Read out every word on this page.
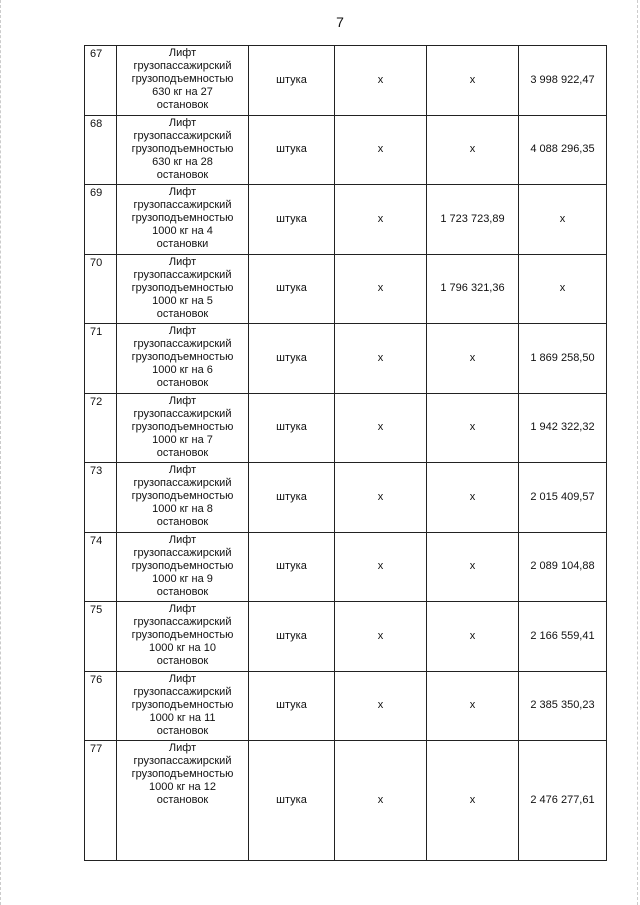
7
67	Лифт
грузопассажирский
грузоподъемностью
630 кг на 27
остановок	штука	х	х	3 998 922,47
68	Лифт
грузопассажирский
грузоподъемностью
630 кг на 28
остановок	штука	х	х	4 088 296,35
69	Лифт
грузопассажирский
грузоподъемностью
1000 кг на 4
остановки	штука	х	1 723 723,89	х
70	Лифт
грузопассажирский
грузоподъемностью
1000 кг на 5
остановок	штука	х	1 796 321,36	х
71	Лифт
грузопассажирский
грузоподъемностью
1000 кг на 6
остановок	штука	х	х	1 869 258,50
72	Лифт
грузопассажирский
грузоподъемностью
1000 кг на 7
остановок	штука	х	х	1 942 322,32
73	Лифт
грузопассажирский
грузоподъемностью
1000 кг на 8
остановок	штука	х	х	2 015 409,57
74	Лифт
грузопассажирский
грузоподъемностью
1000 кг на 9
остановок	штука	х	х	2 089 104,88
75	Лифт
грузопассажирский
грузоподъемностью
1000 кг на 10
остановок	штука	х	х	2 166 559,41
76	Лифт
грузопассажирский
грузоподъемностью
1000 кг на 11
остановок	штука	х	х	2 385 350,23
77	Лифт
грузопассажирский
грузоподъемностью
1000 кг на 12
остановок	штука	х	х	2 476 277,61
